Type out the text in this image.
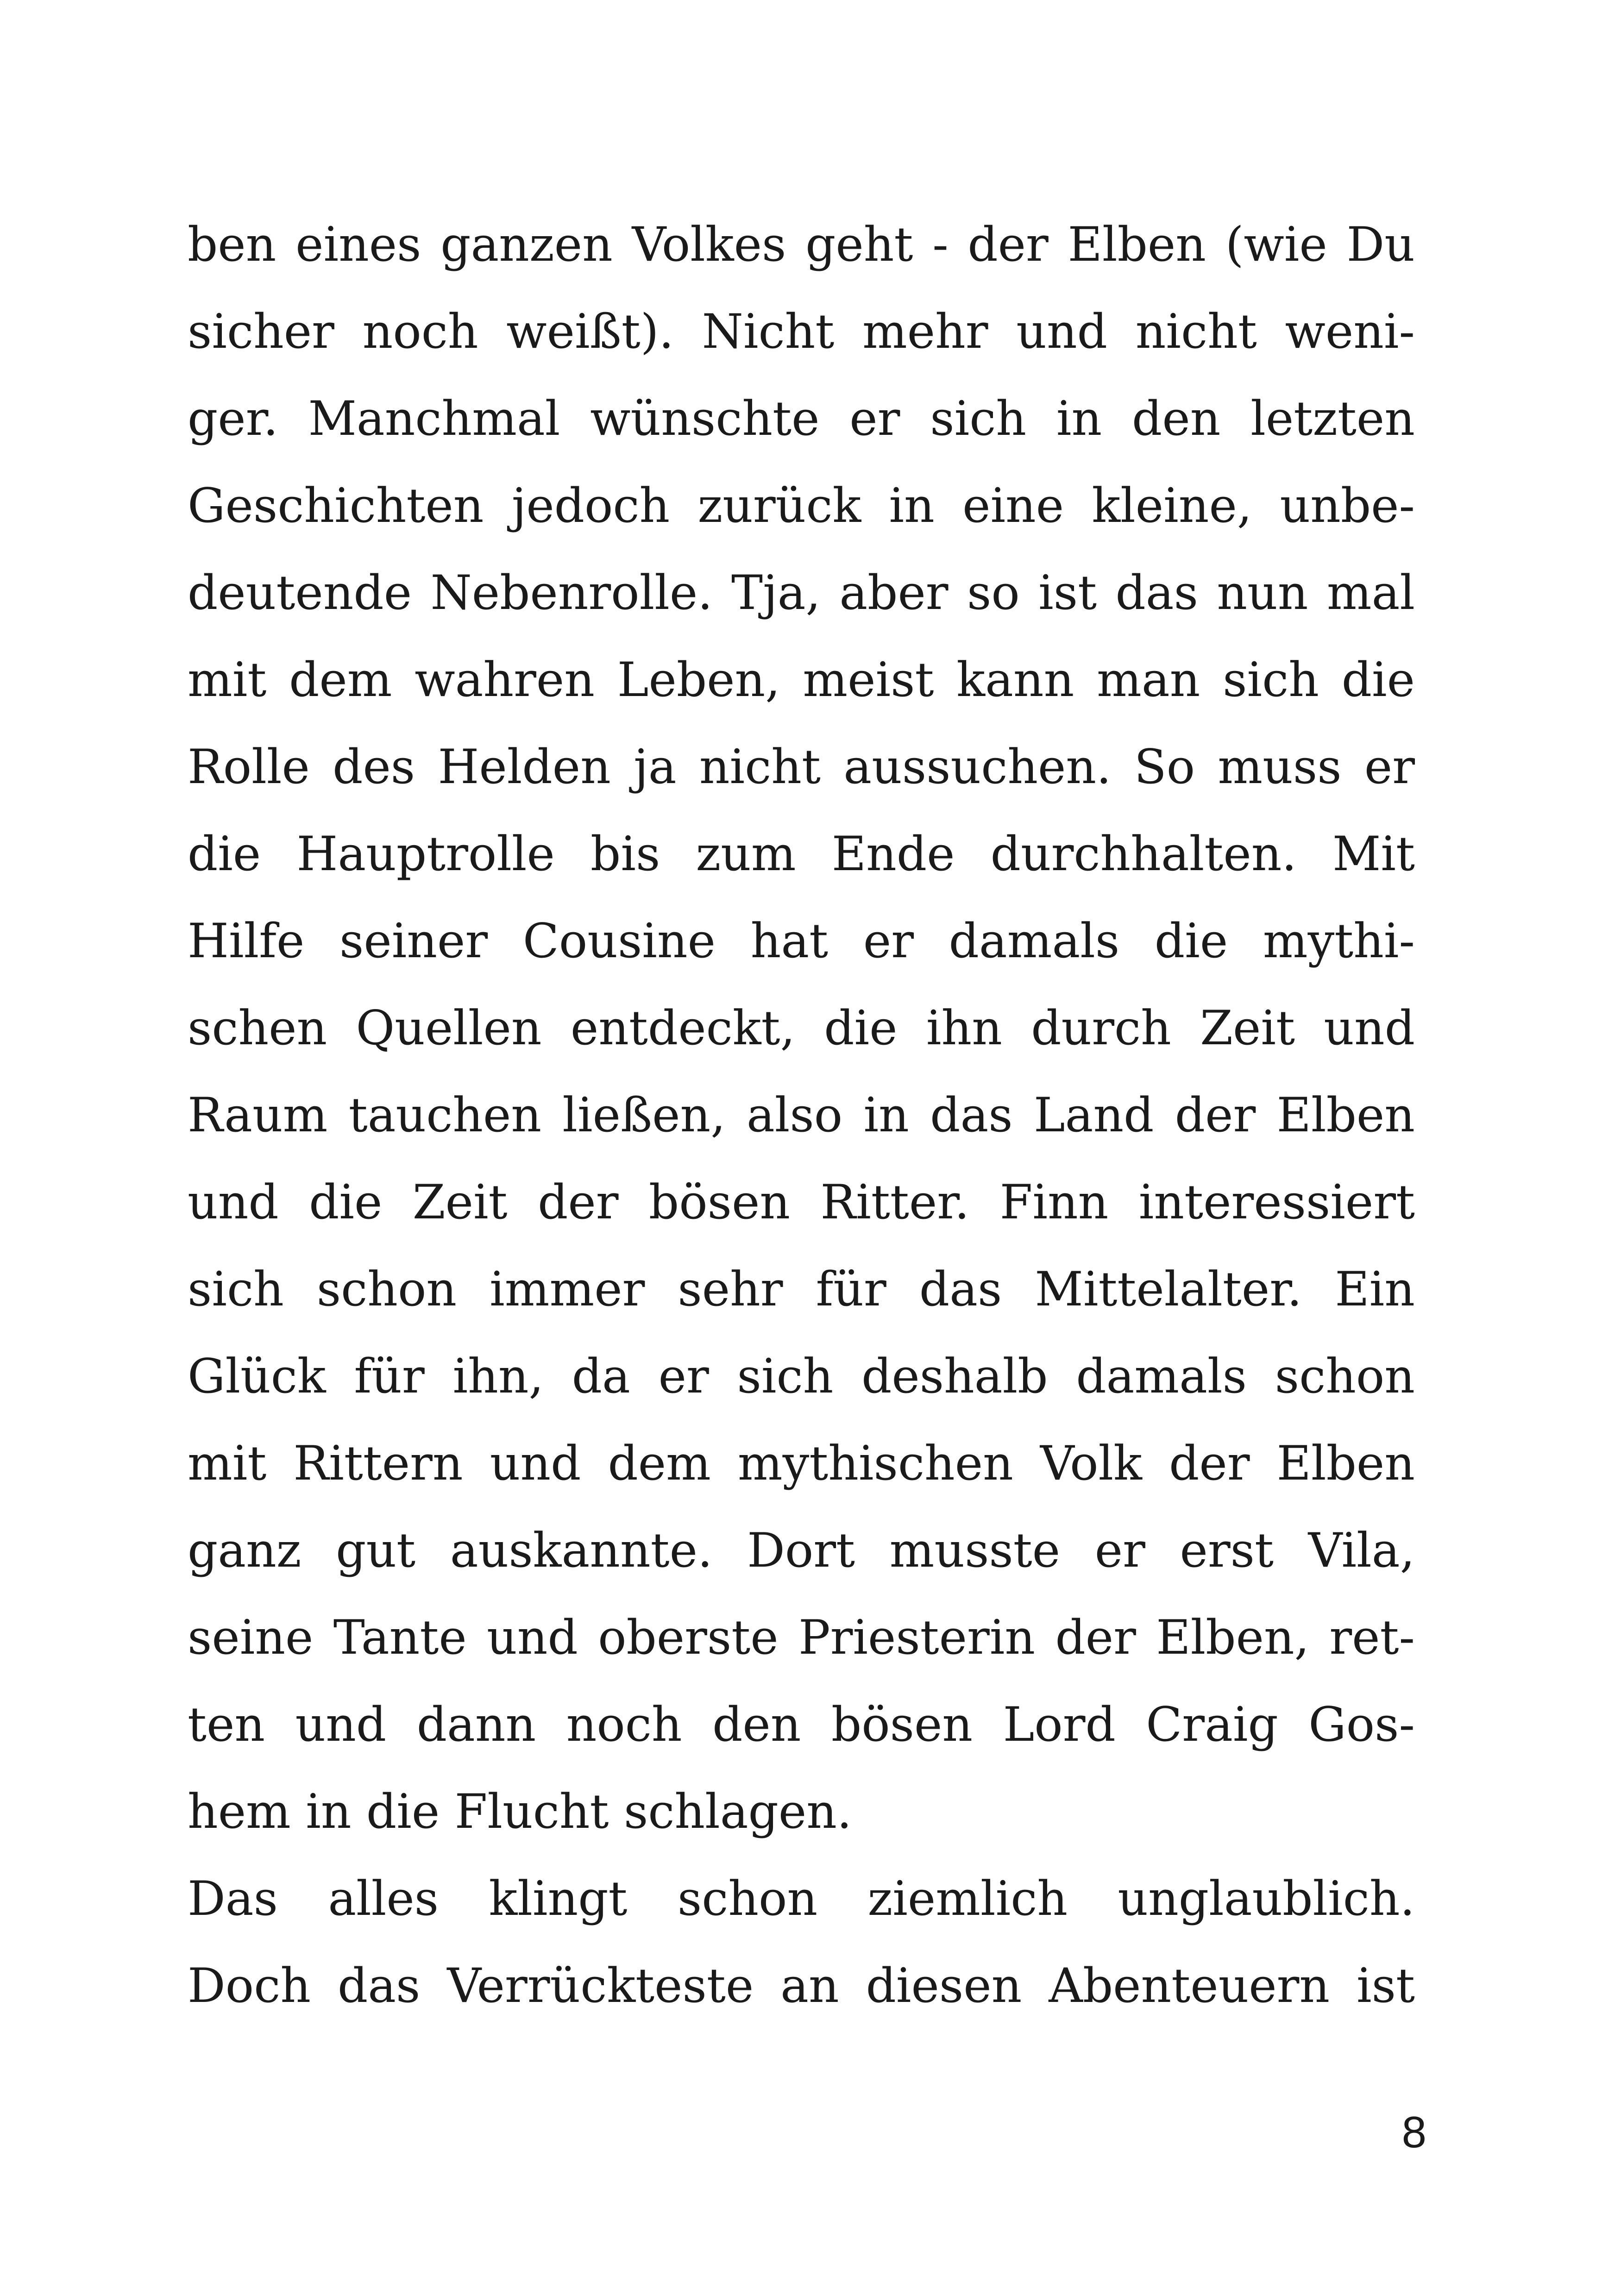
ben eines ganzen Volkes geht - der Elben (wie Du
sicher noch weißt). Nicht mehr und nicht weni-
ger. Manchmal wünschte er sich in den letzten
Geschichten jedoch zurück in eine kleine, unbe-
deutende Nebenrolle. Tja, aber so ist das nun mal
mit dem wahren Leben, meist kann man sich die
Rolle des Helden ja nicht aussuchen. So muss er
die Hauptrolle bis zum Ende durchhalten. Mit
Hilfe seiner Cousine hat er damals die mythi-
schen Quellen entdeckt, die ihn durch Zeit und
Raum tauchen ließen, also in das Land der Elben
und die Zeit der bösen Ritter. Finn interessiert
sich schon immer sehr für das Mittelalter. Ein
Glück für ihn, da er sich deshalb damals schon
mit Rittern und dem mythischen Volk der Elben
ganz gut auskannte. Dort musste er erst Vila,
seine Tante und oberste Priesterin der Elben, ret-
ten und dann noch den bösen Lord Craig Gos-
hem in die Flucht schlagen.
Das alles klingt schon ziemlich unglaublich.
Doch das Verrückteste an diesen Abenteuern ist
8
